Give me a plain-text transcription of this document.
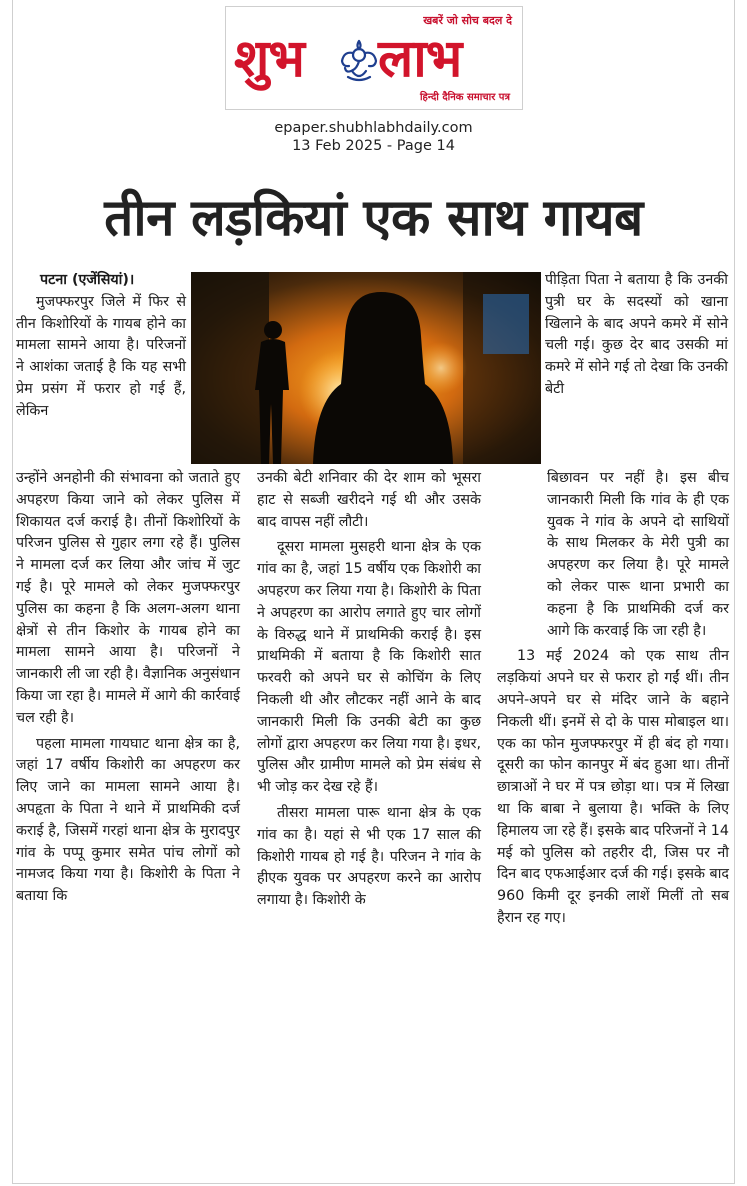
खबरें जो सोच बदल दे
शुभ लाभ
हिन्दी दैनिक समाचार पत्र
epaper.shubhlabhdaily.com
13 Feb 2025 - Page 14
तीन लड़कियां एक साथ गायब
पटना (एजेंसियां)।

मुजफ्फरपुर जिले में फिर से तीन किशोरियों के गायब होने का मामला सामने आया है। परिजनों ने आशंका जताई है कि यह सभी प्रेम प्रसंग में फरार हो गई हैं, लेकिन

उन्होंने अनहोनी की संभावना को जताते हुए अपहरण किया जाने को लेकर पुलिस में शिकायत दर्ज कराई है। तीनों किशोरियों के परिजन पुलिस से गुहार लगा रहे हैं। पुलिस ने मामला दर्ज कर लिया और जांच में जुट गई है। पूरे मामले को लेकर मुजफ्फरपुर पुलिस का कहना है कि अलग-अलग थाना क्षेत्रों से तीन किशोर के गायब होने का मामला सामने आया है। परिजनों ने जानकारी ली जा रही है। वैज्ञानिक अनुसंधान किया जा रहा है। मामले में आगे की कार्रवाई चल रही है।

पहला मामला गायघाट थाना क्षेत्र का है, जहां 17 वर्षीय किशोरी का अपहरण कर लिए जाने का मामला सामने आया है। अपहृता के पिता ने थाने में प्राथमिकी दर्ज कराई है, जिसमें गरहां थाना क्षेत्र के मुरादपुर गांव के पप्पू कुमार समेत पांच लोगों को नामजद किया गया है। किशोरी के पिता ने बताया कि

उनकी बेटी शनिवार की देर शाम को भूसरा हाट से सब्जी खरीदने गई थी और उसके बाद वापस नहीं लौटी।

दूसरा मामला मुसहरी थाना क्षेत्र के एक गांव का है, जहां 15 वर्षीय एक किशोरी का अपहरण कर लिया गया है। किशोरी के पिता ने अपहरण का आरोप लगाते हुए चार लोगों के विरुद्ध थाने में प्राथमिकी कराई है। इस प्राथमिकी में बताया है कि किशोरी सात फरवरी को अपने घर से कोचिंग के लिए निकली थी और लौटकर नहीं आने के बाद जानकारी मिली कि उनकी बेटी का कुछ लोगों द्वारा अपहरण कर लिया गया है। इधर, पुलिस और ग्रामीण मामले को प्रेम संबंध से भी जोड़ कर देख रहे हैं।

तीसरा मामला पारू थाना क्षेत्र के एक गांव का है। यहां से भी एक 17 साल की किशोरी गायब हो गई है। परिजन ने गांव के हीएक युवक पर अपहरण करने का आरोप लगाया है। किशोरी के

पीड़िता पिता ने बताया है कि उनकी पुत्री घर के सदस्यों को खाना खिलाने के बाद अपने कमरे में सोने चली गई। कुछ देर बाद उसकी मां कमरे में सोने गई तो देखा कि उनकी बेटी

बिछावन पर नहीं है। इस बीच जानकारी मिली कि गांव के ही एक युवक ने गांव के अपने दो साथियों के साथ मिलकर के मेरी पुत्री का अपहरण कर लिया है। पूरे मामले को लेकर पारू थाना प्रभारी का कहना है कि प्राथमिकी दर्ज कर आगे कि करवाई कि जा रही है।

13 मई 2024 को एक साथ तीन लड़कियां अपने घर से फरार हो गईं थीं। तीन अपने-अपने घर से मंदिर जाने के बहाने निकली थीं। इनमें से दो के पास मोबाइल था। एक का फोन मुजफ्फरपुर में ही बंद हो गया। दूसरी का फोन कानपुर में बंद हुआ था। तीनों छात्राओं ने घर में पत्र छोड़ा था। पत्र में लिखा था कि बाबा ने बुलाया है। भक्ति के लिए हिमालय जा रहे हैं। इसके बाद परिजनों ने 14 मई को पुलिस को तहरीर दी, जिस पर नौ दिन बाद एफआईआर दर्ज की गई। इसके बाद 960 किमी दूर इनकी लाशें मिलीं तो सब हैरान रह गए।
